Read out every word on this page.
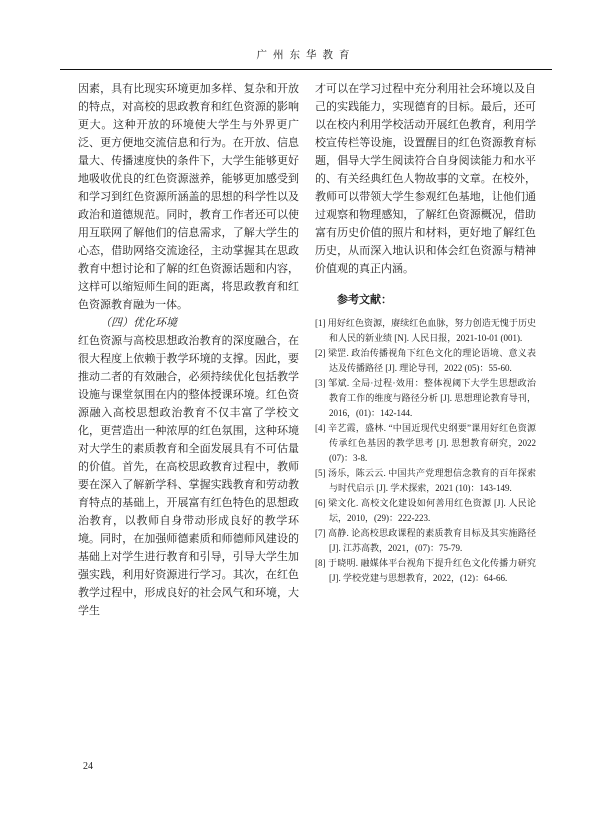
广州东华教育

因素，具有比现实环境更加多样、复杂和开放的特点，对高校的思政教育和红色资源的影响更大。这种开放的环境使大学生与外界更广泛、更方便地交流信息和行为。在开放、信息量大、传播速度快的条件下，大学生能够更好地吸收优良的红色资源滋养，能够更加感受到和学习到红色资源所涵盖的思想的科学性以及政治和道德规范。同时，教育工作者还可以使用互联网了解他们的信息需求，了解大学生的心态，借助网络交流途径，主动掌握其在思政教育中想讨论和了解的红色资源话题和内容，这样可以缩短师生间的距离，将思政教育和红色资源教育融为一体。

（四）优化环境

红色资源与高校思想政治教育的深度融合，在很大程度上依赖于教学环境的支撑。因此，要推动二者的有效融合，必须持续优化包括教学设施与课堂氛围在内的整体授课环境。红色资源融入高校思想政治教育不仅丰富了学校文化，更营造出一种浓厚的红色氛围，这种环境对大学生的素质教育和全面发展具有不可估量的价值。首先，在高校思政教育过程中，教师要在深入了解新学科、掌握实践教育和劳动教育特点的基础上，开展富有红色特色的思想政治教育，以教师自身带动形成良好的教学环境。同时，在加强师德素质和师德师风建设的基础上对学生进行教育和引导，引导大学生加强实践，利用好资源进行学习。其次，在红色教学过程中，形成良好的社会风气和环境，大学生

才可以在学习过程中充分利用社会环境以及自己的实践能力，实现德育的目标。最后，还可以在校内利用学校活动开展红色教育，利用学校宣传栏等设施，设置醒目的红色资源教育标题，倡导大学生阅读符合自身阅读能力和水平的、有关经典红色人物故事的文章。在校外，教师可以带领大学生参观红色基地，让他们通过观察和物理感知，了解红色资源概况，借助富有历史价值的照片和材料，更好地了解红色历史，从而深入地认识和体会红色资源与精神价值观的真正内涵。

参考文献：
[1] 用好红色资源，赓续红色血脉，努力创造无愧于历史和人民的新业绩 [N]. 人民日报，2021-10-01 (001).
[2] 梁罡. 政治传播视角下红色文化的理论语境、意义表达及传播路径 [J]. 理论导刊，2022 (05)：55-60.
[3] 邹斌. 全局·过程·效用：整体视阈下大学生思想政治教育工作的维度与路径分析 [J]. 思想理论教育导刊，2016，(01)：142-144.
[4] 辛艺霞，盛林. “中国近现代史纲要”课用好红色资源传承红色基因的教学思考 [J]. 思想教育研究，2022 (07)：3-8.
[5] 汤乐，陈云云. 中国共产党理想信念教育的百年探索与时代启示 [J]. 学术探索，2021 (10)：143-149.
[6] 梁文化. 高校文化建设如何善用红色资源 [J]. 人民论坛，2010，(29)：222-223.
[7] 高静. 论高校思政课程的素质教育目标及其实施路径 [J]. 江苏高教，2021，(07)：75-79.
[8] 于晓明. 融媒体平台视角下提升红色文化传播力研究 [J]. 学校党建与思想教育，2022，(12)：64-66.
24
